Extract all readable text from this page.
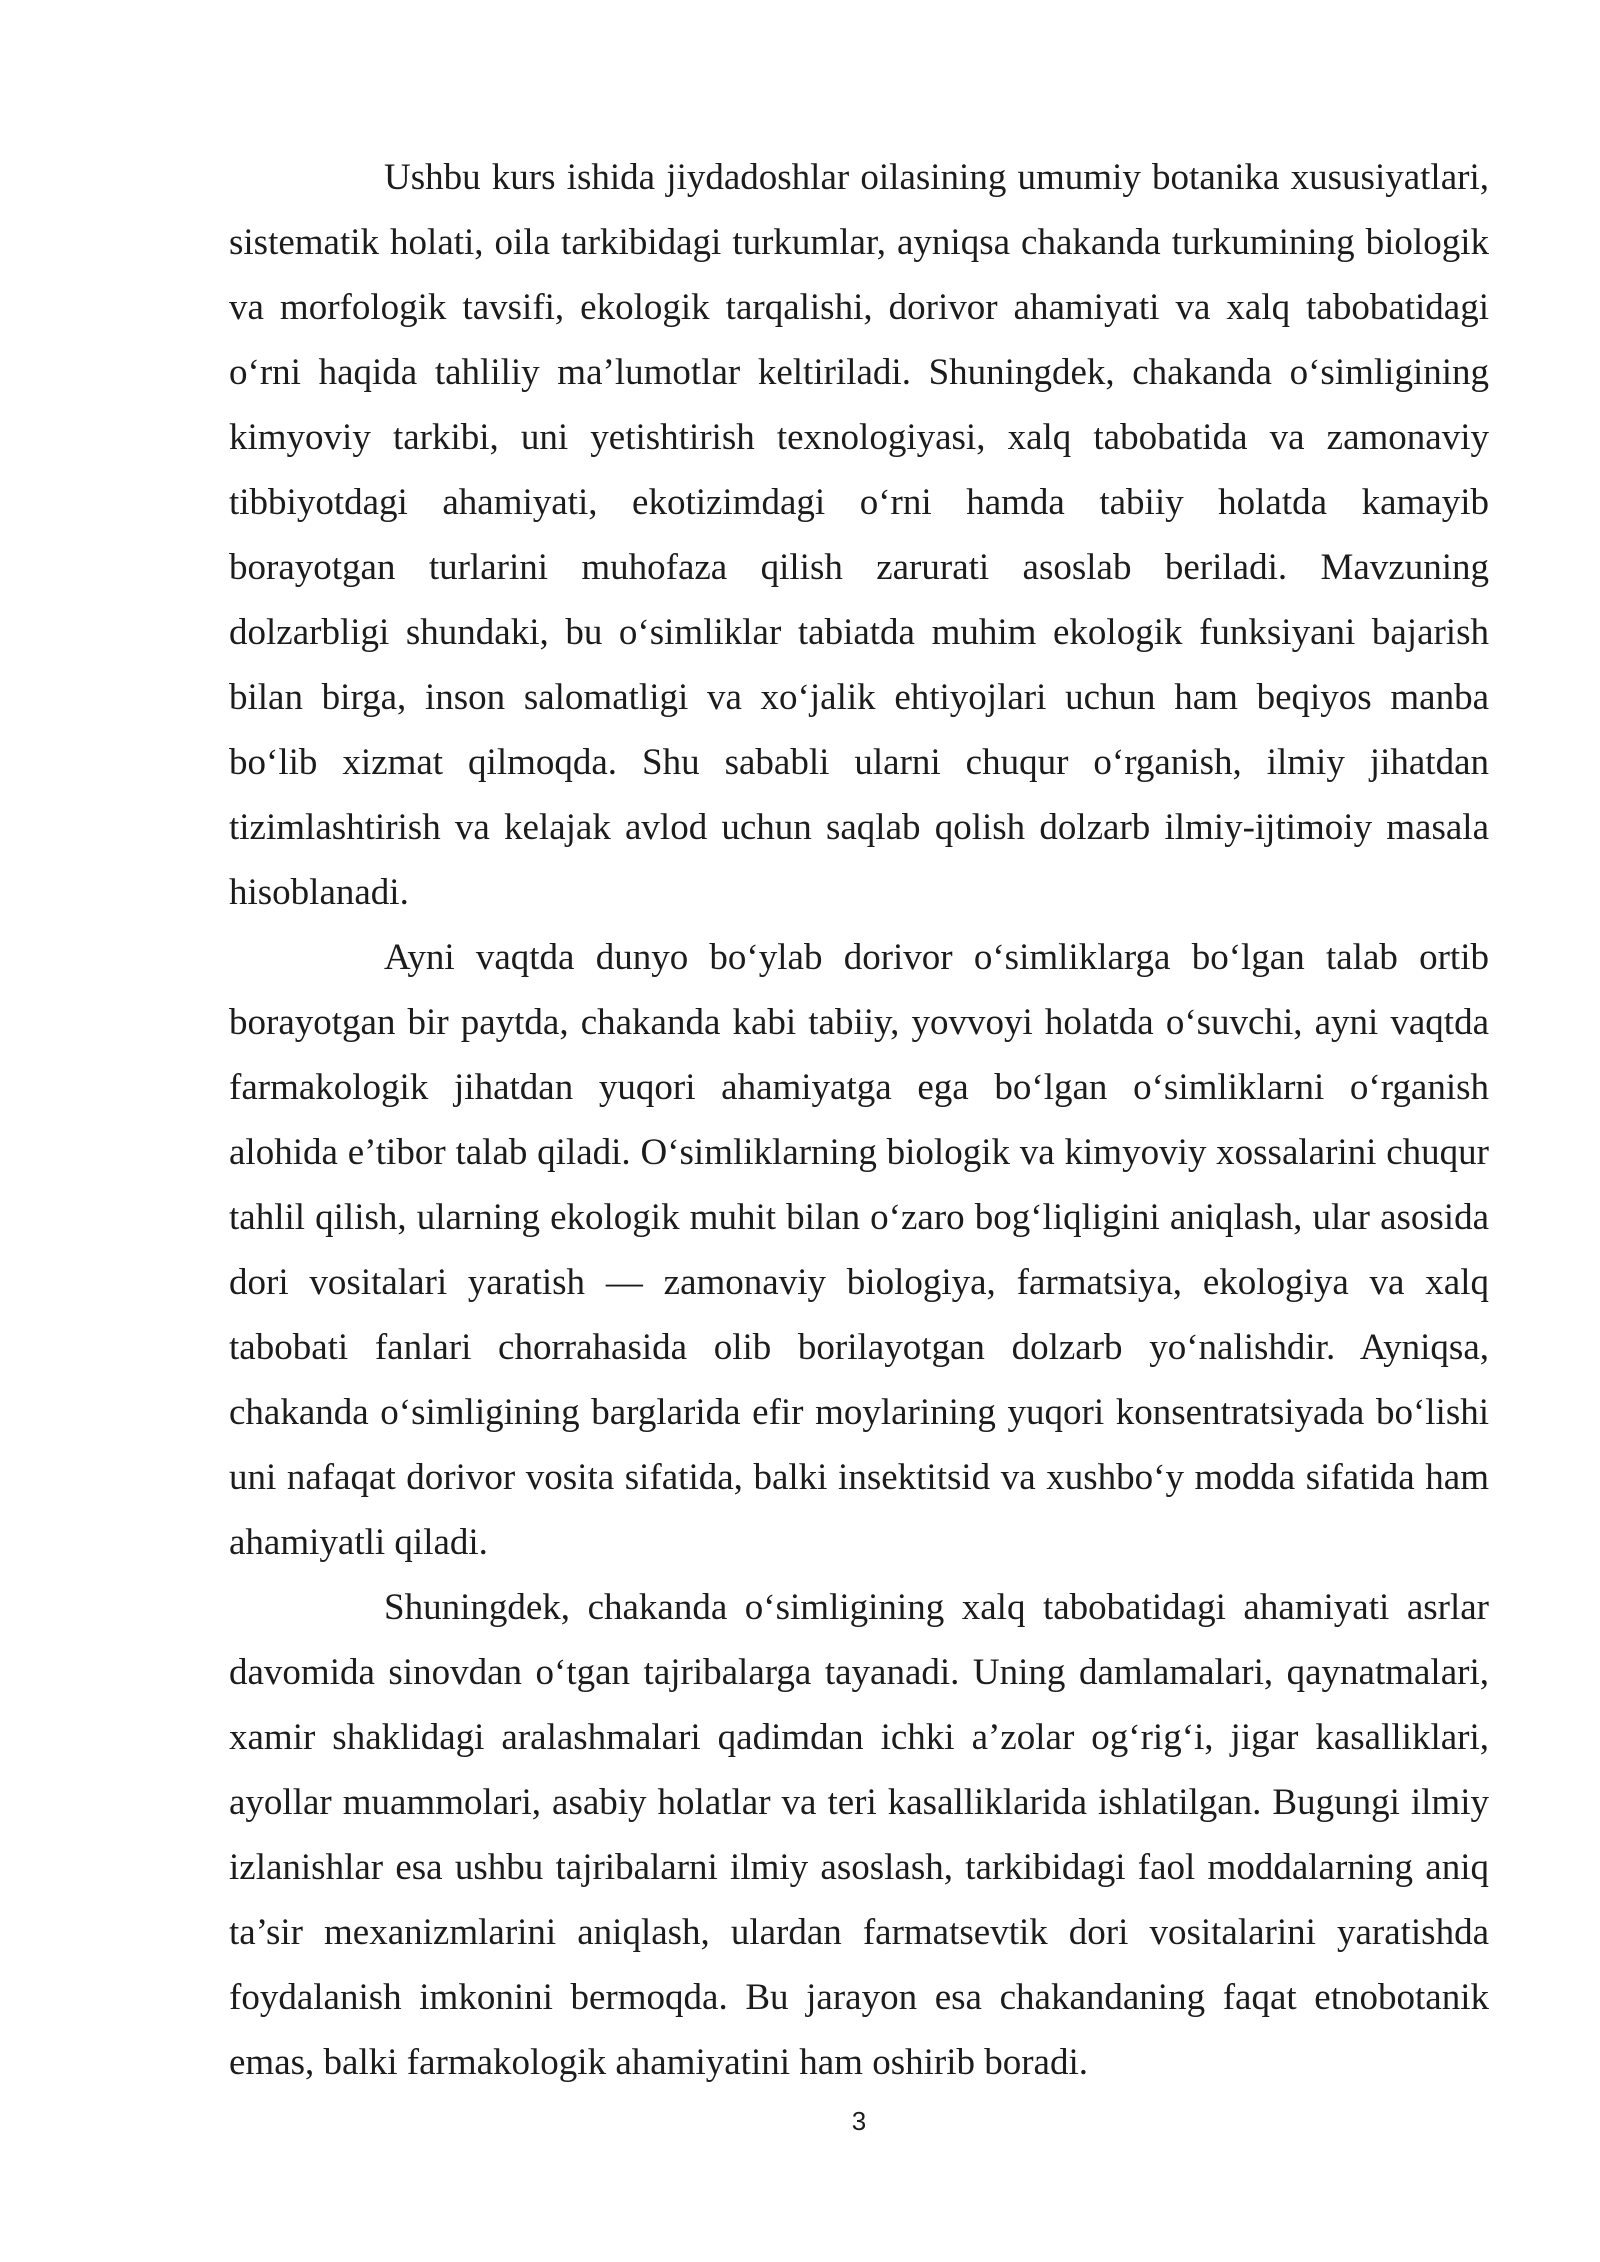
Ushbu kurs ishida jiydadoshlar oilasining umumiy botanika xususiyatlari,
sistematik holati, oila tarkibidagi turkumlar, ayniqsa chakanda turkumining biologik
va morfologik tavsifi, ekologik tarqalishi, dorivor ahamiyati va xalq tabobatidagi
o‘rni haqida tahliliy ma’lumotlar keltiriladi. Shuningdek, chakanda o‘simligining
kimyoviy tarkibi, uni yetishtirish texnologiyasi, xalq tabobatida va zamonaviy
tibbiyotdagi ahamiyati, ekotizimdagi o‘rni hamda tabiiy holatda kamayib
borayotgan turlarini muhofaza qilish zarurati asoslab beriladi. Mavzuning
dolzarbligi shundaki, bu o‘simliklar tabiatda muhim ekologik funksiyani bajarish
bilan birga, inson salomatligi va xo‘jalik ehtiyojlari uchun ham beqiyos manba
bo‘lib xizmat qilmoqda. Shu sababli ularni chuqur o‘rganish, ilmiy jihatdan
tizimlashtirish va kelajak avlod uchun saqlab qolish dolzarb ilmiy-ijtimoiy masala
hisoblanadi.
Ayni vaqtda dunyo bo‘ylab dorivor o‘simliklarga bo‘lgan talab ortib
borayotgan bir paytda, chakanda kabi tabiiy, yovvoyi holatda o‘suvchi, ayni vaqtda
farmakologik jihatdan yuqori ahamiyatga ega bo‘lgan o‘simliklarni o‘rganish
alohida e’tibor talab qiladi. O‘simliklarning biologik va kimyoviy xossalarini chuqur
tahlil qilish, ularning ekologik muhit bilan o‘zaro bog‘liqligini aniqlash, ular asosida
dori vositalari yaratish — zamonaviy biologiya, farmatsiya, ekologiya va xalq
tabobati fanlari chorrahasida olib borilayotgan dolzarb yo‘nalishdir. Ayniqsa,
chakanda o‘simligining barglarida efir moylarining yuqori konsentratsiyada bo‘lishi
uni nafaqat dorivor vosita sifatida, balki insektitsid va xushbo‘y modda sifatida ham
ahamiyatli qiladi.
Shuningdek, chakanda o‘simligining xalq tabobatidagi ahamiyati asrlar
davomida sinovdan o‘tgan tajribalarga tayanadi. Uning damlamalari, qaynatmalari,
xamir shaklidagi aralashmalari qadimdan ichki a’zolar og‘rig‘i, jigar kasalliklari,
ayollar muammolari, asabiy holatlar va teri kasalliklarida ishlatilgan. Bugungi ilmiy
izlanishlar esa ushbu tajribalarni ilmiy asoslash, tarkibidagi faol moddalarning aniq
ta’sir mexanizmlarini aniqlash, ulardan farmatsevtik dori vositalarini yaratishda
foydalanish imkonini bermoqda. Bu jarayon esa chakandaning faqat etnobotanik
emas, balki farmakologik ahamiyatini ham oshirib boradi.
3
